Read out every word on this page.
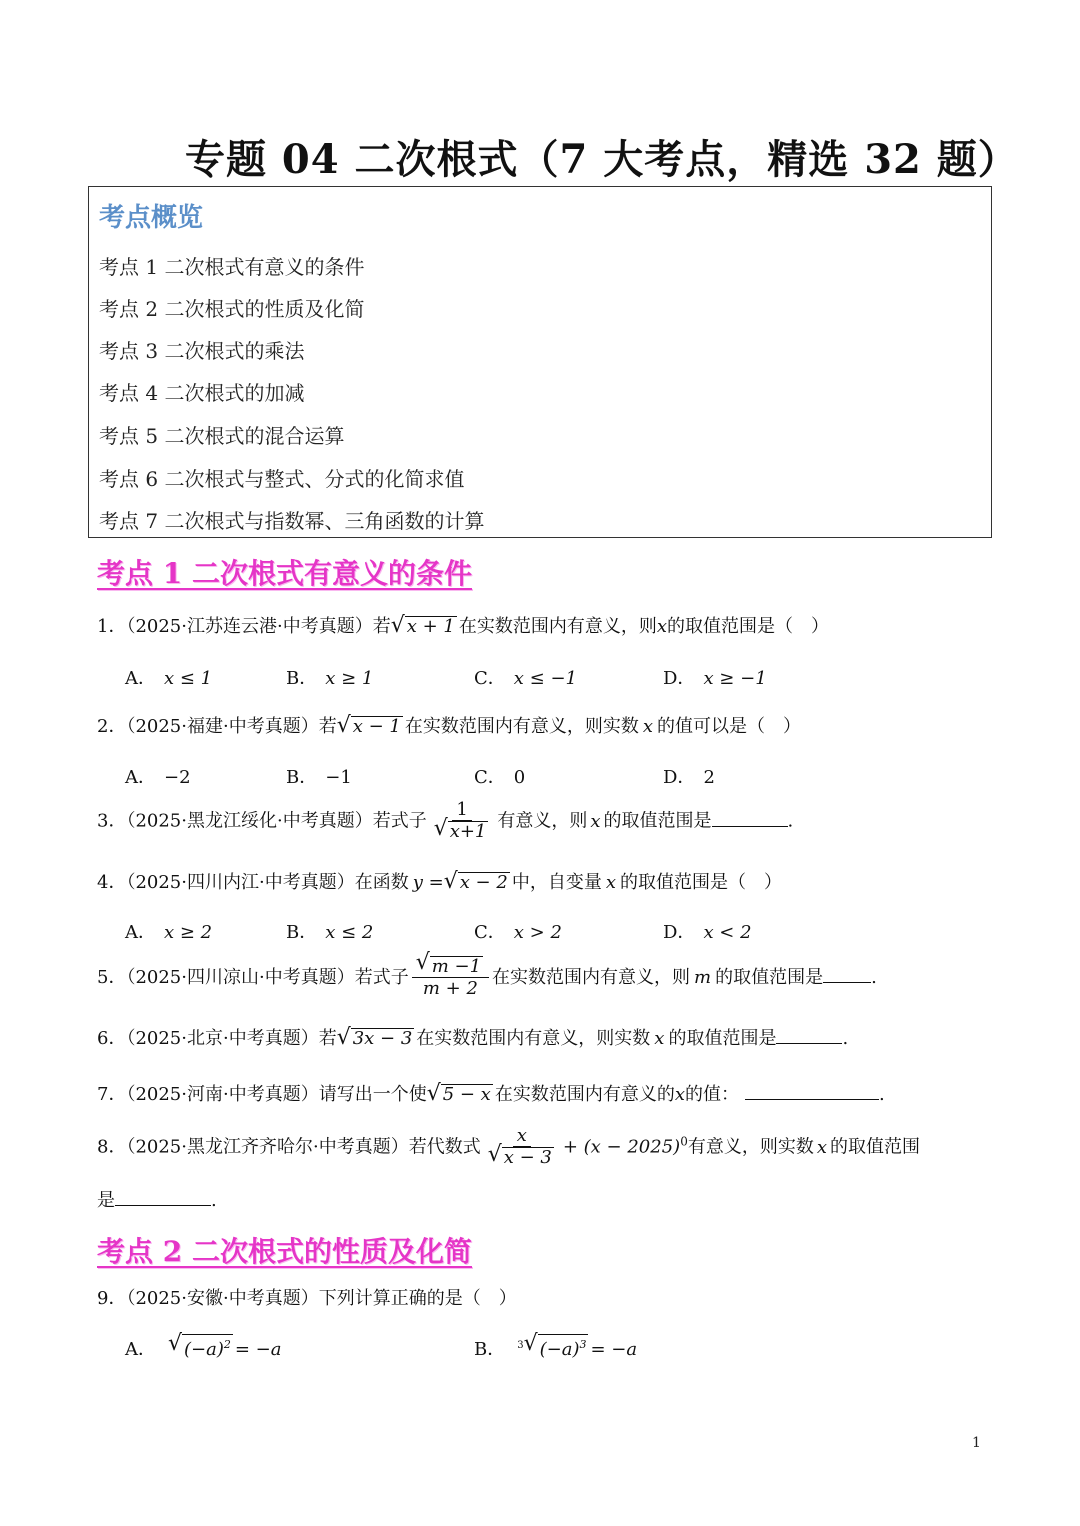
专题 04 二次根式（7 大考点，精选 32 题）
考点概览
考点 1 二次根式有意义的条件
考点 2 二次根式的性质及化简
考点 3 二次根式的乘法
考点 4 二次根式的加减
考点 5 二次根式的混合运算
考点 6 二次根式与整式、分式的化简求值
考点 7 二次根式与指数幂、三角函数的计算
考点 1 二次根式有意义的条件
1．（2025·江苏连云港·中考真题）若 √ x + 1 在实数范围内有意义，则x的取值范围是（　）
A． x ≤ 1	B． x ≥ 1	C． x ≤ −1	D． x ≥ −1
2．（2025·福建·中考真题）若 √ x − 1 在实数范围内有意义，则实数 x 的值可以是（　）
A． −2	B． −1	C． 0	D． 2
3．（2025·黑龙江绥化·中考真题）若式子 1
√ x+1 有意义，则 x 的取值范围是	.
4．（2025·四川内江·中考真题）在函数 y = √ x − 2 中，自变量 x 的取值范围是（　）
A． x ≥ 2	B． x ≤ 2	C． x > 2	D． x < 2
5．（2025·四川凉山·中考真题）若式子 √ $\frac{m -1}{m + 2}$ 在实数范围内有意义，则 m 的取值范围是	.
6．（2025·北京·中考真题）若 √ 3x − 3 在实数范围内有意义，则实数 x 的取值范围是	.
7．（2025·河南·中考真题）请写出一个使 √ 5 − x 在实数范围内有意义的x的值：	.
8．（2025·黑龙江齐齐哈尔·中考真题）若代数式 x
√ $x - 3 + (x - 2025)^0$有意义，则实数 x 的取值范围
是	.
考点 2 二次根式的性质及化简
9．（2025·安徽·中考真题）下列计算正确的是（　）
A． √ $(-a)^2 = -a$	B． $^3$ √ $(-a)^3 = -a$
1
